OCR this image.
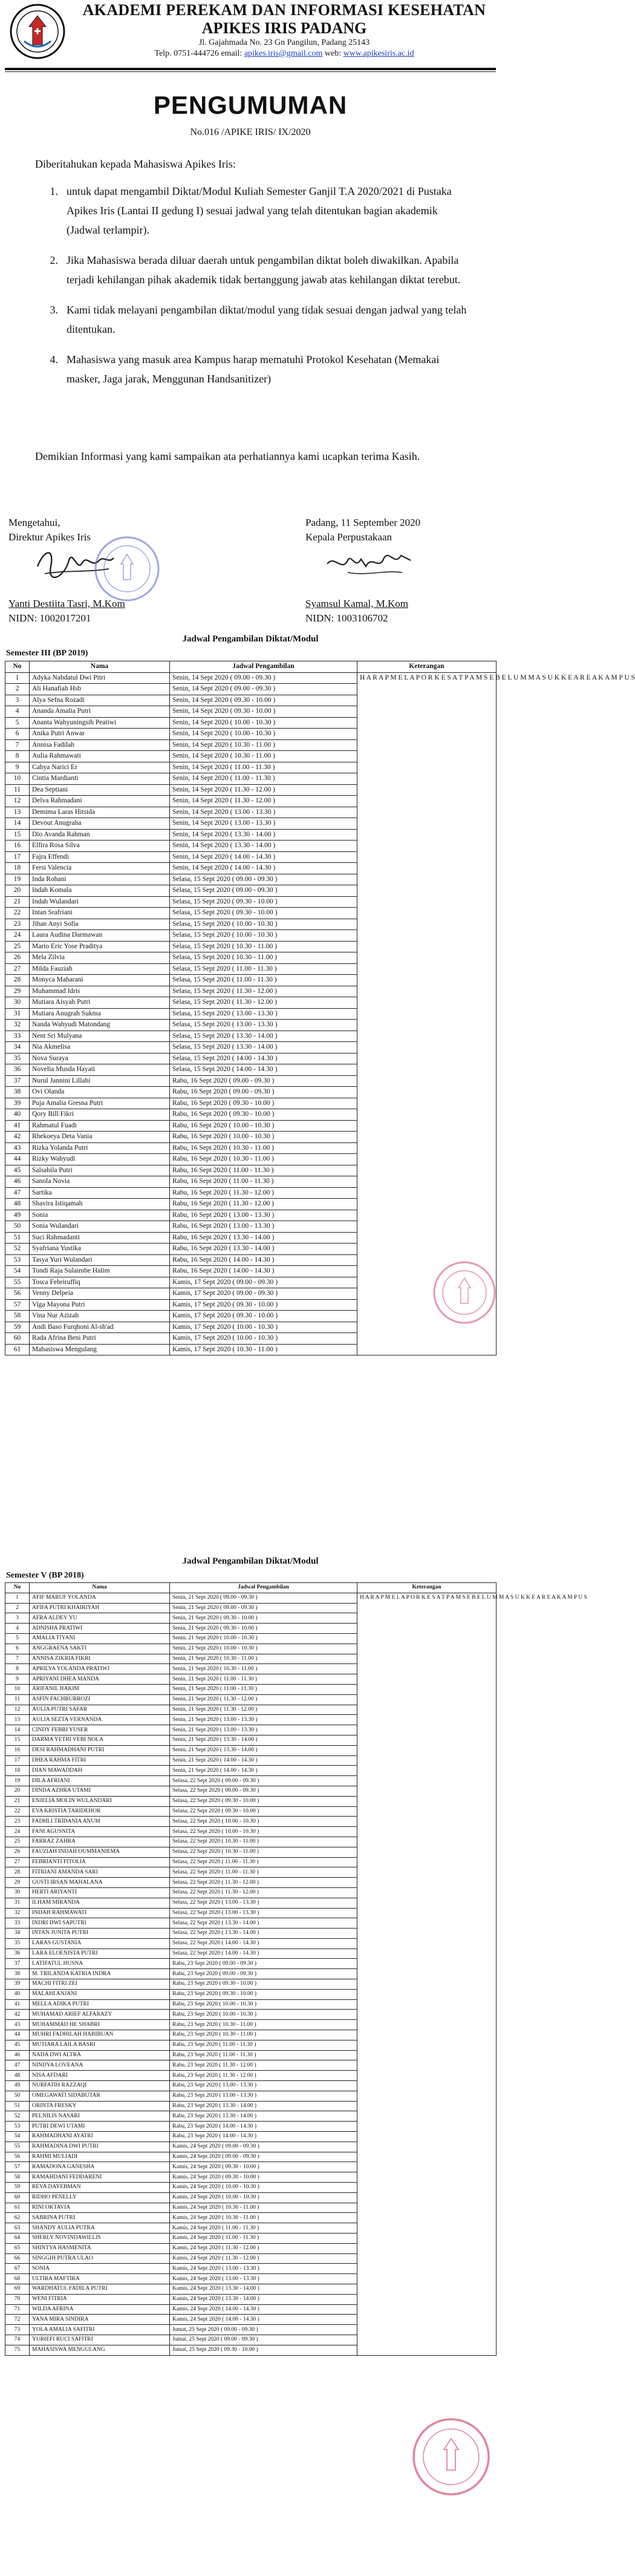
AKADEMI PEREKAM DAN INFORMASI KESEHATAN
APIKES IRIS PADANG
Jl. Gajahmada No. 23 Gn Pangilun, Padang 25143
Telp. 0751-444726 email: apikes.iris@gmail.com web: www.apikesiris.ac.id
PENGUMUMAN
No.016 /APIKE IRIS/ IX/2020

Diberitahukan kepada Mahasiswa Apikes Iris:

1. untuk dapat mengambil Diktat/Modul Kuliah Semester Ganjil T.A 2020/2021 di Pustaka Apikes Iris (Lantai II gedung I) sesuai jadwal yang telah ditentukan bagian akademik (Jadwal terlampir).
2. Jika Mahasiswa berada diluar daerah untuk pengambilan diktat boleh diwakilkan. Apabila terjadi kehilangan pihak akademik tidak bertanggung jawab atas kehilangan diktat terebut.
3. Kami tidak melayani pengambilan diktat/modul yang tidak sesuai dengan jadwal yang telah ditentukan.
4. Mahasiswa yang masuk area Kampus harap mematuhi Protokol Kesehatan (Memakai masker, Jaga jarak, Menggunan Handsanitizer)
Demikian Informasi yang kami sampaikan ata perhatiannya kami ucapkan terima Kasih.
Mengetahui,
Direktur Apikes Iris
Yanti Destiita Tasri, M.Kom
NIDN: 1002017201
Padang, 11 September 2020
Kepala Perpustakaan
Syamsul Kamal, M.Kom
NIDN: 1003106702
Jadwal Pengambilan Diktat/Modul
Semester III (BP 2019)
No	Nama	Jadwal Pengambilan	Keterangan
1	Adyka Nabdatul Dwi Pitri	Senin, 14 Sept 2020 ( 09.00 - 09.30 )	H A R A P M E L A P O R K E S A T P A M S E B E L U M M A S U K K E A R E A K A M P U S
2	Ali Hanafiah Hsb	Senin, 14 Sept 2020 ( 09.00 - 09.30 )	
3	Alya Sefna Rozadi	Senin, 14 Sept 2020 ( 09.30 - 10.00 )	
4	Ananda Amalia Putri	Senin, 14 Sept 2020 ( 09.30 - 10.00 )	
5	Ananta Wahyuningsih Peatiwi	Senin, 14 Sept 2020 ( 10.00 - 10.30 )	
6	Anika Putri Anwar	Senin, 14 Sept 2020 ( 10.00 - 10.30 )	
7	Annisa Fadilah	Senin, 14 Sept 2020 ( 10.30 - 11.00 )	
8	Aulia Rahmawati	Senin, 14 Sept 2020 ( 10.30 - 11.00 )	
9	Cahya Narici Er	Senin, 14 Sept 2020 ( 11.00 - 11.30 )	
10	Cintia Mardianti	Senin, 14 Sept 2020 ( 11.00 - 11.30 )	
11	Dea Septiani	Senin, 14 Sept 2020 ( 11.30 - 12.00 )	
12	Delva Rahmadani	Senin, 14 Sept 2020 ( 11.30 - 12.00 )	
13	Demima Laras Hitsida	Senin, 14 Sept 2020 ( 13.00 - 13.30 )	
14	Devout Anugraha	Senin, 14 Sept 2020 ( 13.00 - 13.30 )	
15	Dio Avanda Rahman	Senin, 14 Sept 2020 ( 13.30 - 14.00 )	
16	Elfira Rosa Silva	Senin, 14 Sept 2020 ( 13.30 - 14.00 )	
17	Fajra Effendi	Senin, 14 Sept 2020 ( 14.00 - 14.30 )	
18	Fersi Valencia	Senin, 14 Sept 2020 ( 14.00 - 14.30 )	
19	Inda Rohani	Selasa, 15 Sept 2020 ( 09.00 - 09.30 )	
20	Indah Komala	Selasa, 15 Sept 2020 ( 09.00 - 09.30 )	
21	Indah Wulandari	Selasa, 15 Sept 2020 ( 09.30 - 10.00 )	
22	Intan Srafriani	Selasa, 15 Sept 2020 ( 09.30 - 10.00 )	
23	Jihan Anyi Sofia	Selasa, 15 Sept 2020 ( 10.00 - 10.30 )	
24	Laura Audina Darmawan	Selasa, 15 Sept 2020 ( 10.00 - 10.30 )	
25	Mario Eric Yose Praditya	Selasa, 15 Sept 2020 ( 10.30 - 11.00 )	
26	Mela Zilvia	Selasa, 15 Sept 2020 ( 10.30 - 11.00 )	
27	Milda Fauziah	Selasa, 15 Sept 2020 ( 11.00 - 11.30 )	
28	Monyca Maharani	Selasa, 15 Sept 2020 ( 11.00 - 11.30 )	
29	Muhammad Idris	Selasa, 15 Sept 2020 ( 11.30 - 12.00 )	
30	Mutiara Aisyah Putri	Selasa, 15 Sept 2020 ( 11.30 - 12.00 )	
31	Mutiara Anugrah Sukma	Selasa, 15 Sept 2020 ( 13.00 - 13.30 )	
32	Nanda Wahyudi Matondang	Selasa, 15 Sept 2020 ( 13.00 - 13.30 )	
33	Nent Sri Mulyana	Selasa, 15 Sept 2020 ( 13.30 - 14.00 )	
34	Nia Akmelisa	Selasa, 15 Sept 2020 ( 13.30 - 14.00 )	
35	Nova Suraya	Selasa, 15 Sept 2020 ( 14.00 - 14.30 )	
36	Novelia Musda Hayati	Selasa, 15 Sept 2020 ( 14.00 - 14.30 )	
37	Nurul Jannini Lillahi	Rabu, 16 Sept 2020 ( 09.00 - 09.30 )	
38	Ovi Olanda	Rabu, 16 Sept 2020 ( 09.00 - 09.30 )	
39	Puja Amalia Gresna Putri	Rabu, 16 Sept 2020 ( 09.30 - 10.00 )	
40	Qory Bill Fikri	Rabu, 16 Sept 2020 ( 09.30 - 10.00 )	
41	Rahmatul Fuadi	Rabu, 16 Sept 2020 ( 10.00 - 10.30 )	
42	Rhekoeya Deta Vania	Rabu, 16 Sept 2020 ( 10.00 - 10.30 )	
43	Rizka Yolanda Putri	Rabu, 16 Sept 2020 ( 10.30 - 11.00 )	
44	Rizky Wahyudi	Rabu, 16 Sept 2020 ( 10.30 - 11.00 )	
45	Salsabila Putri	Rabu, 16 Sept 2020 ( 11.00 - 11.30 )	
46	Sanola Novia	Rabu, 16 Sept 2020 ( 11.00 - 11.30 )	
47	Sartika	Rabu, 16 Sept 2020 ( 11.30 - 12.00 )	
48	Shavira Istiqamah	Rabu, 16 Sept 2020 ( 11.30 - 12.00 )	
49	Sonia	Rabu, 16 Sept 2020 ( 13.00 - 13.30 )	
50	Sonia Wulandari	Rabu, 16 Sept 2020 ( 13.00 - 13.30 )	
51	Suci Rahmadanti	Rabu, 16 Sept 2020 ( 13.30 - 14.00 )	
52	Syafriana Yustika	Rabu, 16 Sept 2020 ( 13.30 - 14.00 )	
53	Tasya Yuri Wulandari	Rabu, 16 Sept 2020 ( 14.00 - 14.30 )	
54	Tondi Raja Sulaimbe Halim	Rabu, 16 Sept 2020 ( 14.00 - 14.30 )	
55	Tosca Febriruffiq	Kamis, 17 Sept 2020 ( 09.00 - 09.30 )	
56	Venny Delpeia	Kamis, 17 Sept 2020 ( 09.00 - 09.30 )	
57	Viga Mayona Putri	Kamis, 17 Sept 2020 ( 09.30 - 10.00 )	
58	Vina Nur Azizah	Kamis, 17 Sept 2020 ( 09.30 - 10.00 )	
59	Andi Baso Furqhoni Al-sh'ad	Kamis, 17 Sept 2020 ( 10.00 - 10.30 )	
60	Rada Afrina Beni Putri	Kamis, 17 Sept 2020 ( 10.00 - 10.30 )	
61	Mahasiswa Mengulang	Kamis, 17 Sept 2020 ( 10.30 - 11.00 )	
Jadwal Pengambilan Diktat/Modul
Semester V (BP 2018)
No	Nama	Jadwal Pengambilan	Keterangan
1	AFIF MARUF YOLANDA	Senin, 21 Sept 2020 ( 09.00 - 09.30 )	H A R A P M E L A P O R K E S A T P A M S E B E L U M M A S U K K E A R E A K A M P U S
2	AFIFA PUTRI KHAIRIYAH	Senin, 21 Sept 2020 ( 09.00 - 09.30 )	
3	AFRA ALDEV YU	Senin, 21 Sept 2020 ( 09.30 - 10.00 )	
4	ADNISHA PRATIWI	Senin, 21 Sept 2020 ( 09.30 - 10.00 )	
5	AMALIA TIYANI	Senin, 21 Sept 2020 ( 10.00 - 10.30 )	
6	ANGGRAENA SAKTI	Senin, 21 Sept 2020 ( 10.00 - 10.30 )	
7	ANNISA ZIKRIA FIKRI	Senin, 21 Sept 2020 ( 10.30 - 11.00 )	
8	APRILYA YOLANDA PRATIWI	Senin, 21 Sept 2020 ( 10.30 - 11.00 )	
9	APRIYANI DHEA MANDA	Senin, 21 Sept 2020 ( 11.00 - 11.30 )	
10	ARIFANIL HAKIM	Senin, 21 Sept 2020 ( 11.00 - 11.30 )	
11	ASFIN FACHRURROZI	Senin, 21 Sept 2020 ( 11.30 - 12.00 )	
12	AULIA PUTRI SAFAR	Senin, 21 Sept 2020 ( 11.30 - 12.00 )	
13	AULIA SEZTA VERNANDA	Senin, 21 Sept 2020 ( 13.00 - 13.30 )	
14	CINDY FEBRI YUSER	Senin, 21 Sept 2020 ( 13.00 - 13.30 )	
15	DARMA YETRI VEBI NOLA	Senin, 21 Sept 2020 ( 13.30 - 14.00 )	
16	DESI RAHMADHANI PUTRI	Senin, 21 Sept 2020 ( 13.30 - 14.00 )	
17	DHEA RAHMA FITRI	Senin, 21 Sept 2020 ( 14.00 - 14.30 )	
18	DIAN MAWADDAH	Senin, 21 Sept 2020 ( 14.00 - 14.30 )	
19	DILA AFRIANI	Selasa, 22 Sept 2020 ( 09.00 - 09.30 )	
20	DINDA AZHRA UTAMI	Selasa, 22 Sept 2020 ( 09.00 - 09.30 )	
21	ENJELIA MOLIN WULANDARI	Selasa, 22 Sept 2020 ( 09.30 - 10.00 )	
22	EVA KRISTIA TARIDEHOR	Selasa, 22 Sept 2020 ( 09.30 - 10.00 )	
23	FADHLI TRIDANIA ANUM	Selasa, 22 Sept 2020 ( 10.00 - 10.30 )	
24	FANI AGUSNITA	Selasa, 22 Sept 2020 ( 10.00 - 10.30 )	
25	FARRAZ ZAHRA	Selasa, 22 Sept 2020 ( 10.30 - 11.00 )	
26	FAUZIAH INDAH OUMMANIEMA	Selasa, 22 Sept 2020 ( 10.30 - 11.00 )	
27	FEBRIANTI FITOLIA	Selasa, 22 Sept 2020 ( 11.00 - 11.30 )	
28	FITRIANI AMANDA SARI	Selasa, 22 Sept 2020 ( 11.00 - 11.30 )	
29	GUSTI IRSAN MAHALANA	Selasa, 22 Sept 2020 ( 11.30 - 12.00 )	
30	HERTI ARIYANTI	Selasa, 22 Sept 2020 ( 11.30 - 12.00 )	
31	ILHAM MIRANDA	Selasa, 22 Sept 2020 ( 13.00 - 13.30 )	
32	INDAH RAHMAWATI	Selasa, 22 Sept 2020 ( 13.00 - 13.30 )	
33	INDRI DWI SAPUTRI	Selasa, 22 Sept 2020 ( 13.30 - 14.00 )	
34	INTAN JUNITA PUTRI	Selasa, 22 Sept 2020 ( 13.30 - 14.00 )	
35	LARAS GUSTANIA	Selasa, 22 Sept 2020 ( 14.00 - 14.30 )	
36	LARA ELOENISTA PUTRI	Selasa, 22 Sept 2020 ( 14.00 - 14.30 )	
37	LATIFATUL HUSNA	Rabu, 23 Sept 2020 ( 09.00 - 09.30 )	
38	M. TRILANDA KATRIA INDRA	Rabu, 23 Sept 2020 ( 09.00 - 09.30 )	
39	MACHI FITRI ZEI	Rabu, 23 Sept 2020 ( 09.30 - 10.00 )	
40	MALAHI ANJANI	Rabu, 23 Sept 2020 ( 09.30 - 10.00 )	
41	MELLA ADIKA PUTRI	Rabu, 23 Sept 2020 ( 10.00 - 10.30 )	
42	MUHAMAD ARIEF ALFARAZY	Rabu, 23 Sept 2020 ( 10.00 - 10.30 )	
43	MUHAMMAD HE SHABRI	Rabu, 23 Sept 2020 ( 10.30 - 11.00 )	
44	MUHRI FADHILAH HABIBUAN	Rabu, 23 Sept 2020 ( 10.30 - 11.00 )	
45	MUTIARA LAILA BASRI	Rabu, 23 Sept 2020 ( 11.00 - 11.30 )	
46	NADA DWI ALTRA	Rabu, 23 Sept 2020 ( 11.00 - 11.30 )	
47	NINDYA LOVEANA	Rabu, 23 Sept 2020 ( 11.30 - 12.00 )	
48	NISA AFDARI	Rabu, 23 Sept 2020 ( 11.30 - 12.00 )	
49	NURFATIH RAZZAQI	Rabu, 23 Sept 2020 ( 13.00 - 13.30 )	
50	OMEGAWATI SIDABUTAR	Rabu, 23 Sept 2020 ( 13.00 - 13.30 )	
51	ORINTA FRESKY	Rabu, 23 Sept 2020 ( 13.30 - 14.00 )	
52	PELNILIS NASARI	Rabu, 23 Sept 2020 ( 13.30 - 14.00 )	
53	PUTRI DEWI UTAMI	Rabu, 23 Sept 2020 ( 14.00 - 14.30 )	
54	RAHMADHANI AYATRI	Rabu, 23 Sept 2020 ( 14.00 - 14.30 )	
55	RAHMADINA DWI PUTRI	Kamis, 24 Sept 2020 ( 09.00 - 09.30 )	
56	RAHMI MULIADI	Kamis, 24 Sept 2020 ( 09.00 - 09.30 )	
57	RAMADONA GANESHA	Kamis, 24 Sept 2020 ( 09.30 - 10.00 )	
58	RAMAHDANI FEDDARENI	Kamis, 24 Sept 2020 ( 09.30 - 10.00 )	
59	REVA DAYEBMAN	Kamis, 24 Sept 2020 ( 10.00 - 10.30 )	
60	RIDHO PENELLY	Kamis, 24 Sept 2020 ( 10.00 - 10.30 )	
61	RINI OKTAVIA	Kamis, 24 Sept 2020 ( 10.30 - 11.00 )	
62	SABRINA PUTRI	Kamis, 24 Sept 2020 ( 10.30 - 11.00 )	
63	SHANDY AULIA PUTRA	Kamis, 24 Sept 2020 ( 11.00 - 11.30 )	
64	SHERLY NOVINDAWILLIS	Kamis, 24 Sept 2020 ( 11.00 - 11.30 )	
65	SHINTYA HASMENITA	Kamis, 24 Sept 2020 ( 11.30 - 12.00 )	
66	SINGGIH PUTRA ULAO	Kamis, 24 Sept 2020 ( 11.30 - 12.00 )	
67	SONIA	Kamis, 24 Sept 2020 ( 13.00 - 13.30 )	
68	ULTIRA MAFTIRA	Kamis, 24 Sept 2020 ( 13.00 - 13.30 )	
69	WARDHATUL FADILA PUTRI	Kamis, 24 Sept 2020 ( 13.30 - 14.00 )	
70	WENI FITRIA	Kamis, 24 Sept 2020 ( 13.30 - 14.00 )	
71	WILDA AFRINA	Kamis, 24 Sept 2020 ( 14.00 - 14.30 )	
72	YANA MIRA SINDIRA	Kamis, 24 Sept 2020 ( 14.00 - 14.30 )	
73	YOLA AMALIA SAFITRI	Jumat, 25 Sept 2020 ( 09.00 - 09.30 )	
74	YURIEFI RUCI SAFITRI	Jumat, 25 Sept 2020 ( 09.00 - 09.30 )	
75	MAHASISWA MENGULANG	Jumat, 25 Sept 2020 ( 09.30 - 10.00 )	
